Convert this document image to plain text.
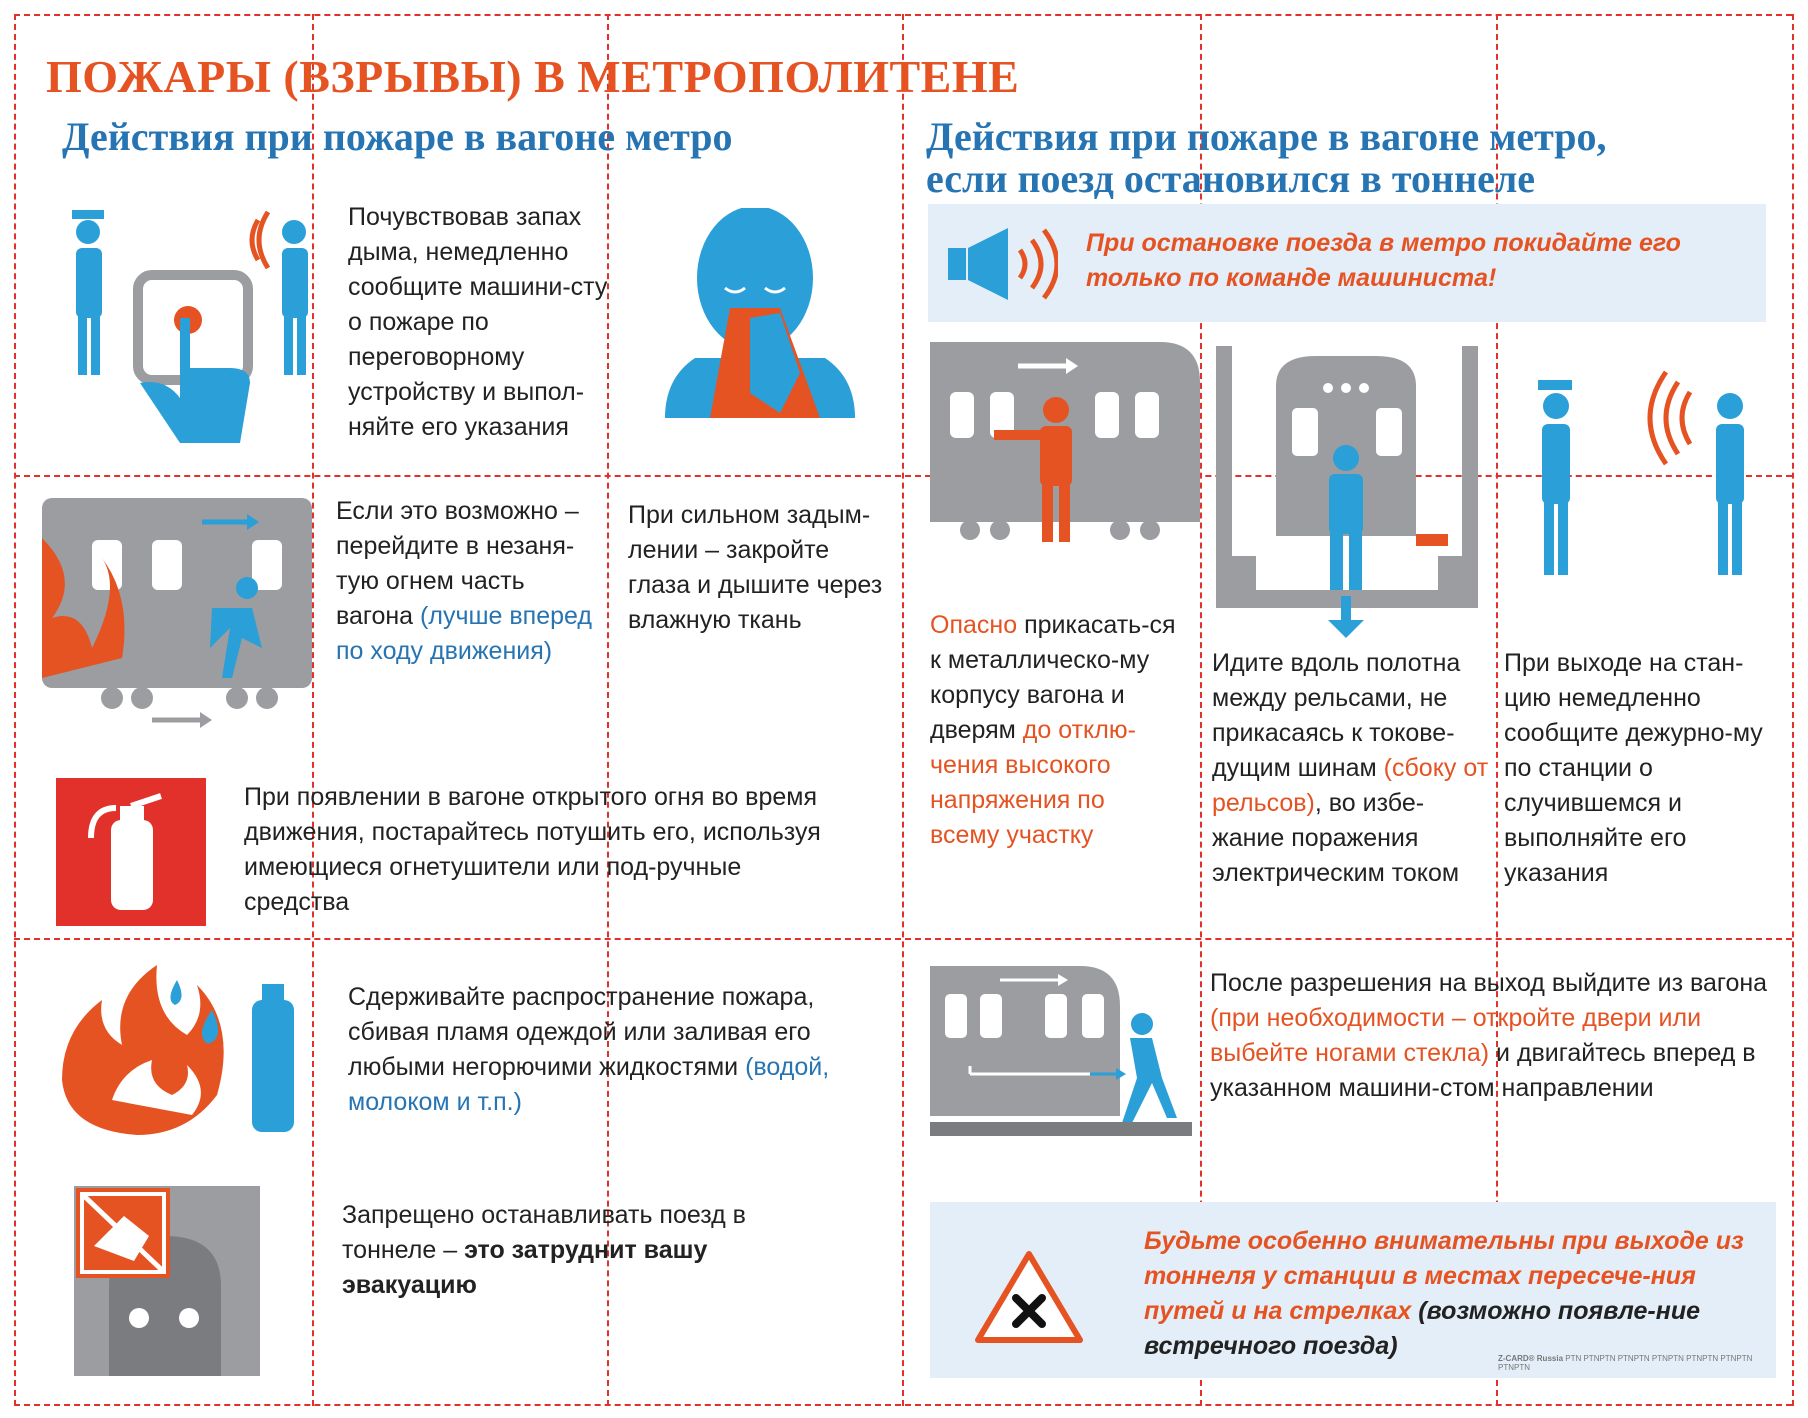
ПОЖАРЫ (ВЗРЫВЫ) В МЕТРОПОЛИТЕНЕ
Действия при пожаре в вагоне метро
Почувствовав запах дыма, немедленно сообщите машини-сту о пожаре по переговорному устройству и выпол-няйте его указания
Если это возможно – перейдите в незаня-тую огнем часть вагона (лучше вперед по ходу движения)
При сильном задым-лении – закройте глаза и дышите через влажную ткань
При появлении в вагоне открытого огня во время движения, постарайтесь потушить его, используя имеющиеся огнетушители или под-ручные средства
Сдерживайте распространение пожара, сбивая пламя одеждой или заливая его любыми негорючими жидкостями (водой, молоком и т.п.)
Запрещено останавливать поезд в тоннеле – это затруднит вашу эвакуацию
Действия при пожаре в вагоне метро,
если поезд остановился в тоннеле
При остановке поезда в метро покидайте его только по команде машиниста!
Опасно прикасать-ся к металлическо-му корпусу вагона и дверям до отклю-чения высокого напряжения по всему участку
Идите вдоль полотна между рельсами, не прикасаясь к токове-дущим шинам (сбоку от рельсов), во избе-жание поражения электрическим током
При выходе на стан-цию немедленно сообщите дежурно-му по станции о случившемся и выполняйте его указания
После разрешения на выход выйдите из вагона (при необходимости – откройте двери или выбейте ногами стекла) и двигайтесь вперед в указанном машини-стом направлении
Будьте особенно внимательны при выходе из тоннеля у станции в местах пересече-ния путей и на стрелках (возможно появле-ние встречного поезда)	Z-CARD® Russia PTN PTNPTN PTNPTN PTNPTN PTNPTN PTNPTN PTNPTN
